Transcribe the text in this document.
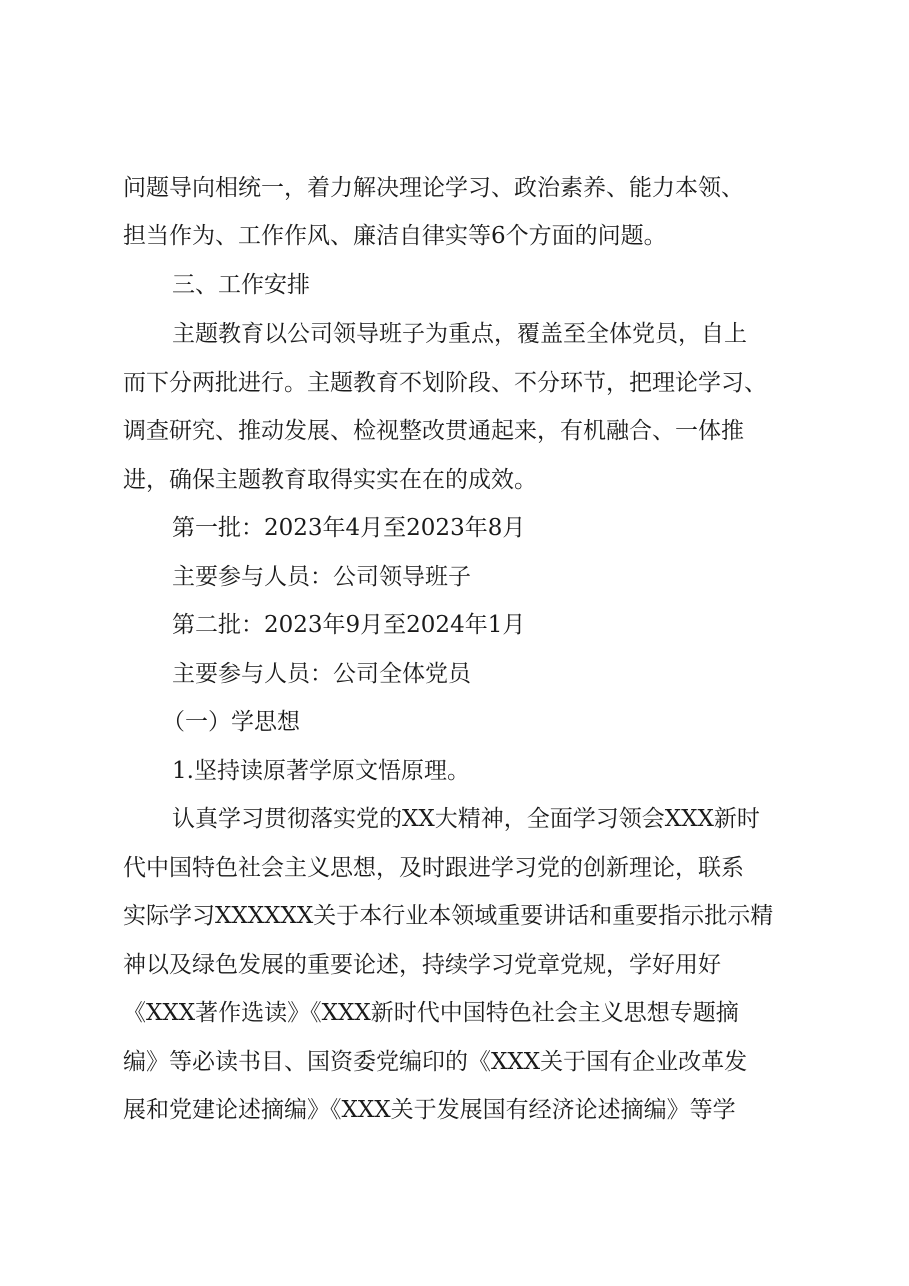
问题导向相统一，着力解决理论学习、政治素养、能力本领、

担当作为、工作作风、廉洁自律实等6个方面的问题。

三、工作安排

主题教育以公司领导班子为重点，覆盖至全体党员，自上

而下分两批进行。主题教育不划阶段、不分环节，把理论学习、

调查研究、推动发展、检视整改贯通起来，有机融合、一体推

进，确保主题教育取得实实在在的成效。

第一批：2023年4月至2023年8月

主要参与人员：公司领导班子

第二批：2023年9月至2024年1月

主要参与人员：公司全体党员

（一）学思想

1.坚持读原著学原文悟原理。

认真学习贯彻落实党的XX大精神，全面学习领会XXX新时

代中国特色社会主义思想，及时跟进学习党的创新理论，联系

实际学习XXXXXX关于本行业本领域重要讲话和重要指示批示精

神以及绿色发展的重要论述，持续学习党章党规，学好用好

《XXX著作选读》《XXX新时代中国特色社会主义思想专题摘

编》等必读书目、国资委党编印的《XXX关于国有企业改革发

展和党建论述摘编》《XXX关于发展国有经济论述摘编》等学
